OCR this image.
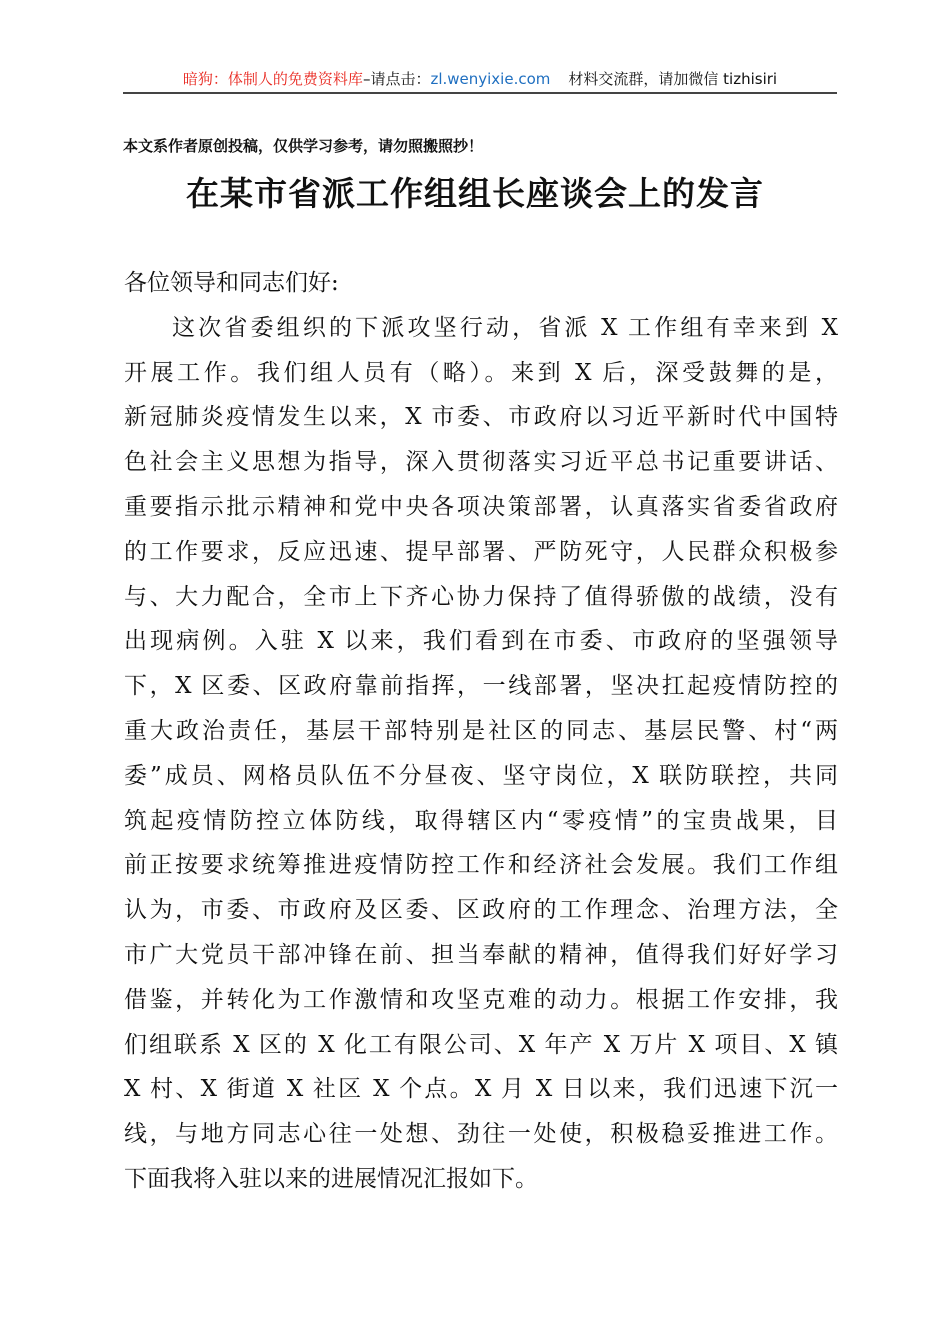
暗狗：体制人的免费资料库–请点击：zl.wenyixie.com 材料交流群，请加微信 tizhisiri
本文系作者原创投稿，仅供学习参考，请勿照搬照抄！
在某市省派工作组组长座谈会上的发言
各位领导和同志们好:
这次省委组织的下派攻坚行动，省派 X 工作组有幸来到 X
开展工作。我们组人员有（略）。来到 X 后，深受鼓舞的是，
新冠肺炎疫情发生以来，X 市委、市政府以习近平新时代中国特
色社会主义思想为指导，深入贯彻落实习近平总书记重要讲话、
重要指示批示精神和党中央各项决策部署，认真落实省委省政府
的工作要求，反应迅速、提早部署、严防死守，人民群众积极参
与、大力配合，全市上下齐心协力保持了值得骄傲的战绩，没有
出现病例。入驻 X 以来，我们看到在市委、市政府的坚强领导
下，X 区委、区政府靠前指挥，一线部署，坚决扛起疫情防控的
重大政治责任，基层干部特别是社区的同志、基层民警、村“两
委”成员、网格员队伍不分昼夜、坚守岗位，X 联防联控，共同
筑起疫情防控立体防线，取得辖区内“零疫情”的宝贵战果，目
前正按要求统筹推进疫情防控工作和经济社会发展。我们工作组
认为，市委、市政府及区委、区政府的工作理念、治理方法，全
市广大党员干部冲锋在前、担当奉献的精神，值得我们好好学习
借鉴，并转化为工作激情和攻坚克难的动力。根据工作安排，我
们组联系 X 区的 X 化工有限公司、X 年产 X 万片 X 项目、X 镇
X 村、X 街道 X 社区 X 个点。X 月 X 日以来，我们迅速下沉一
线，与地方同志心往一处想、劲往一处使，积极稳妥推进工作。
下面我将入驻以来的进展情况汇报如下。
